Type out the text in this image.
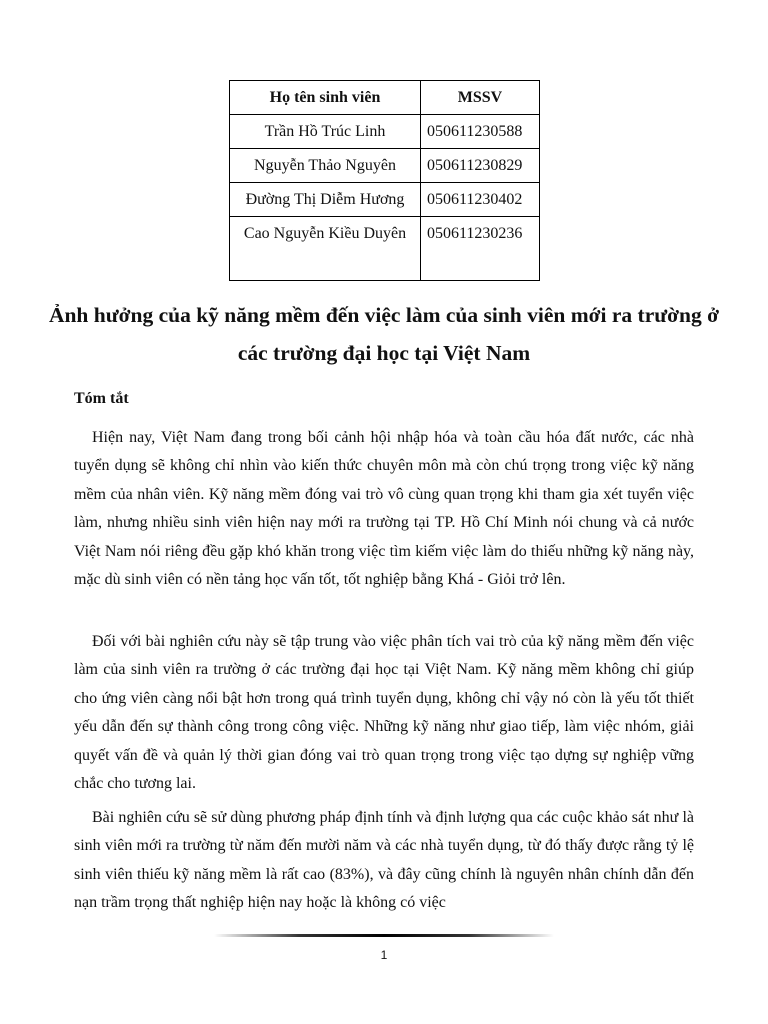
Họ tên sinh viên	MSSV
Trần Hồ Trúc Linh	050611230588
Nguyễn Thảo Nguyên	050611230829
Đường Thị Diễm Hương	050611230402
Cao Nguyễn Kiều Duyên	050611230236
Ảnh hưởng của kỹ năng mềm đến việc làm của sinh viên mới ra trường ở các trường đại học tại Việt Nam
Tóm tắt

Hiện nay, Việt Nam đang trong bối cảnh hội nhập hóa và toàn cầu hóa đất nước, các nhà tuyển dụng sẽ không chỉ nhìn vào kiến thức chuyên môn mà còn chú trọng trong việc kỹ năng mềm của nhân viên. Kỹ năng mềm đóng vai trò vô cùng quan trọng khi tham gia xét tuyển việc làm, nhưng nhiều sinh viên hiện nay mới ra trường tại TP. Hồ Chí Minh nói chung và cả nước Việt Nam nói riêng đều gặp khó khăn trong việc tìm kiếm việc làm do thiếu những kỹ năng này, mặc dù sinh viên có nền tảng học vấn tốt, tốt nghiệp bằng Khá - Giỏi trở lên.

Đối với bài nghiên cứu này sẽ tập trung vào việc phân tích vai trò của kỹ năng mềm đến việc làm của sinh viên ra trường ở các trường đại học tại Việt Nam. Kỹ năng mềm không chỉ giúp cho ứng viên càng nổi bật hơn trong quá trình tuyển dụng, không chỉ vậy nó còn là yếu tốt thiết yếu dẫn đến sự thành công trong công việc. Những kỹ năng như giao tiếp, làm việc nhóm, giải quyết vấn đề và quản lý thời gian đóng vai trò quan trọng trong việc tạo dựng sự nghiệp vững chắc cho tương lai.

Bài nghiên cứu sẽ sử dùng phương pháp định tính và định lượng qua các cuộc khảo sát như là sinh viên mới ra trường từ năm đến mười năm và các nhà tuyển dụng, từ đó thấy được rằng tỷ lệ sinh viên thiếu kỹ năng mềm là rất cao (83%), và đây cũng chính là nguyên nhân chính dẫn đến nạn trầm trọng thất nghiệp hiện nay hoặc là không có việc

1
